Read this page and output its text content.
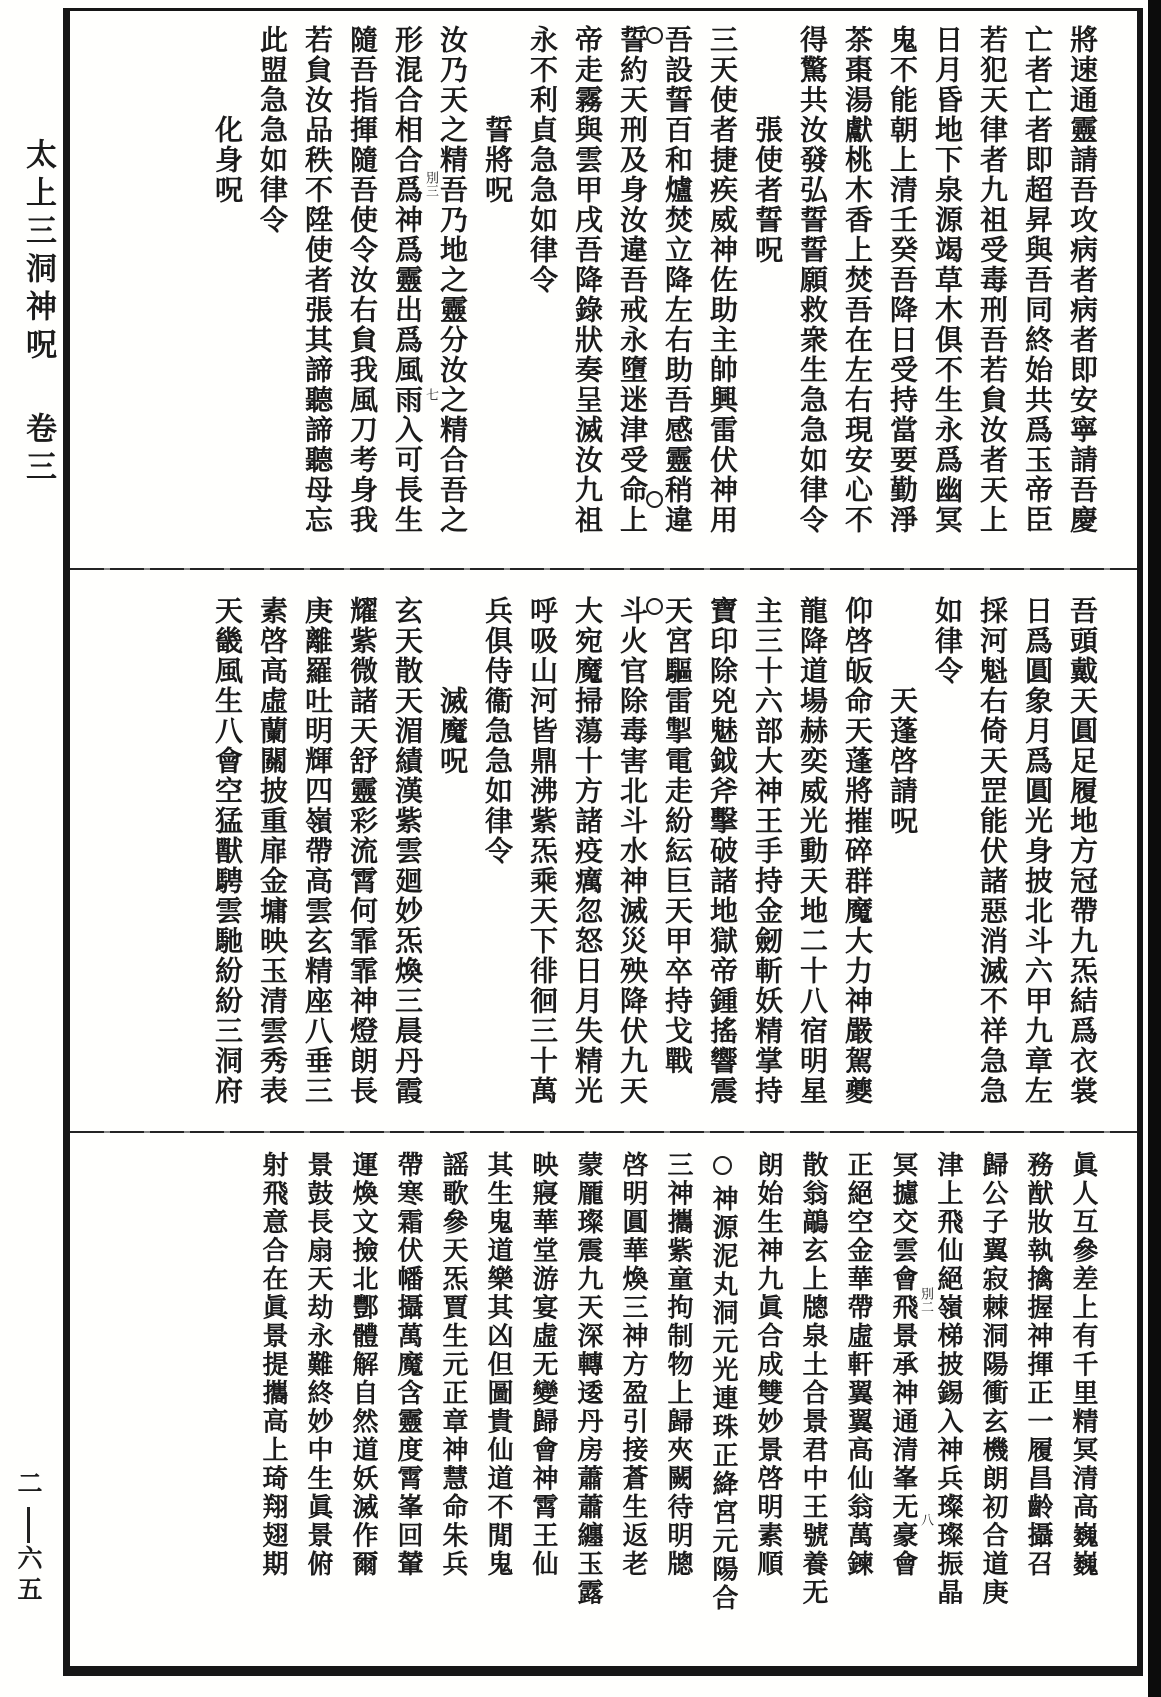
太上三洞神呪 卷三
二六五
將速通靈請吾攻病者病者即安寧請吾慶
亡者亡者即超昇與吾同終始共爲玉帝臣
若犯天律者九祖受毒刑吾若貟汝者天上
日月昏地下泉源竭草木俱不生永爲幽冥
鬼不能朝上清壬癸吾降日受持當要勤淨
茶棗湯獻桃木香上焚吾在左右現安心不
得驚共汝發弘誓誓願救衆生急急如律令
張使者誓呪
三天使者捷疾威神佐助主帥興雷伏神用
吾設誓百和爐焚立降左右助吾感靈稍違
誓約天刑及身汝違吾戒永墮迷津受命上
帝走霧與雲甲戌吾降錄狀奏呈滅汝九祖
永不利貞急急如律令
誓將呪
汝乃天之精吾乃地之靈分汝之精合吾之
別三
七
形混合相合爲神爲靈出爲風雨入可長生
隨吾指揮隨吾使令汝右貟我風刀考身我
若貟汝品秩不陞使者張其諦聽諦聽母忘
此盟急急如律令
化身呪
吾頭戴天圓足履地方冠帶九炁結爲衣裳
日爲圓象月爲圓光身披北斗六甲九章左
採河魁右倚天罡能伏諸惡消滅不祥急急
如律令
天蓬啓請呪
仰啓皈命天蓬將摧碎群魔大力神嚴駕夔
龍降道場赫奕威光動天地二十八宿明星
主三十六部大神王手持金劒斬妖精掌持
寶印除兇魅鉞斧擊破諸地獄帝鍾搖響震
天宮驅雷掣電走紛紜巨天甲卒持戈戰
斗火官除毒害北斗水神滅災殃降伏九天
大宛魔掃蕩十方諸疫癘忽怒日月失精光
呼吸山河皆鼎沸紫炁乘天下徘徊三十萬
兵俱侍衞急急如律令
滅魔呪
玄天散天湄績漢紫雲廻妙炁煥三晨丹霞
耀紫微諸天舒靈彩流霄何霏霏神燈朗長
庚離羅吐明輝四嶺帶高雲玄精座八垂三
素啓高虛蘭關披重扉金墉映玉清雲秀表
天畿風生八會空猛獸騁雲馳紛紛三洞府
眞人互參差上有千里精冥清高巍巍
務猷妝執擒握神揮正一履昌齡攝召
歸公子翼寂棘洞陽衝玄機朗初合道庚
津上飛仙絕嶺梯披錫入神兵璨璨振晶
別二
八
冥攄交雲會飛景承神通清峯无豪會
正絕空金華帶虛軒翼翼高仙翁萬鍊
散翁鶮玄上牕泉土合景君中王號養无
朗始生神九眞合成雙妙景啓明素順
神源泥丸洞元光連珠正絳宮元陽合
三神攜紫童拘制物上歸夾闕待明牕
啓明圓華煥三神方盈引接蒼生返老
蒙龎璨震九天深轉逶丹房蕭蕭纏玉露
映寢華堂游宴虛无變歸會神霄王仙
其生鬼道樂其凶但圖貴仙道不閒鬼
謡歌參天炁賈生元正章神慧命朱兵
帶寒霜伏幡攝萬魔含靈度霄峯回輦
運煥文撿北酆體解自然道妖滅作爾
景鼓長扇天劫永難終妙中生眞景俯
射飛意合在眞景提攜高上琦翔翅期
